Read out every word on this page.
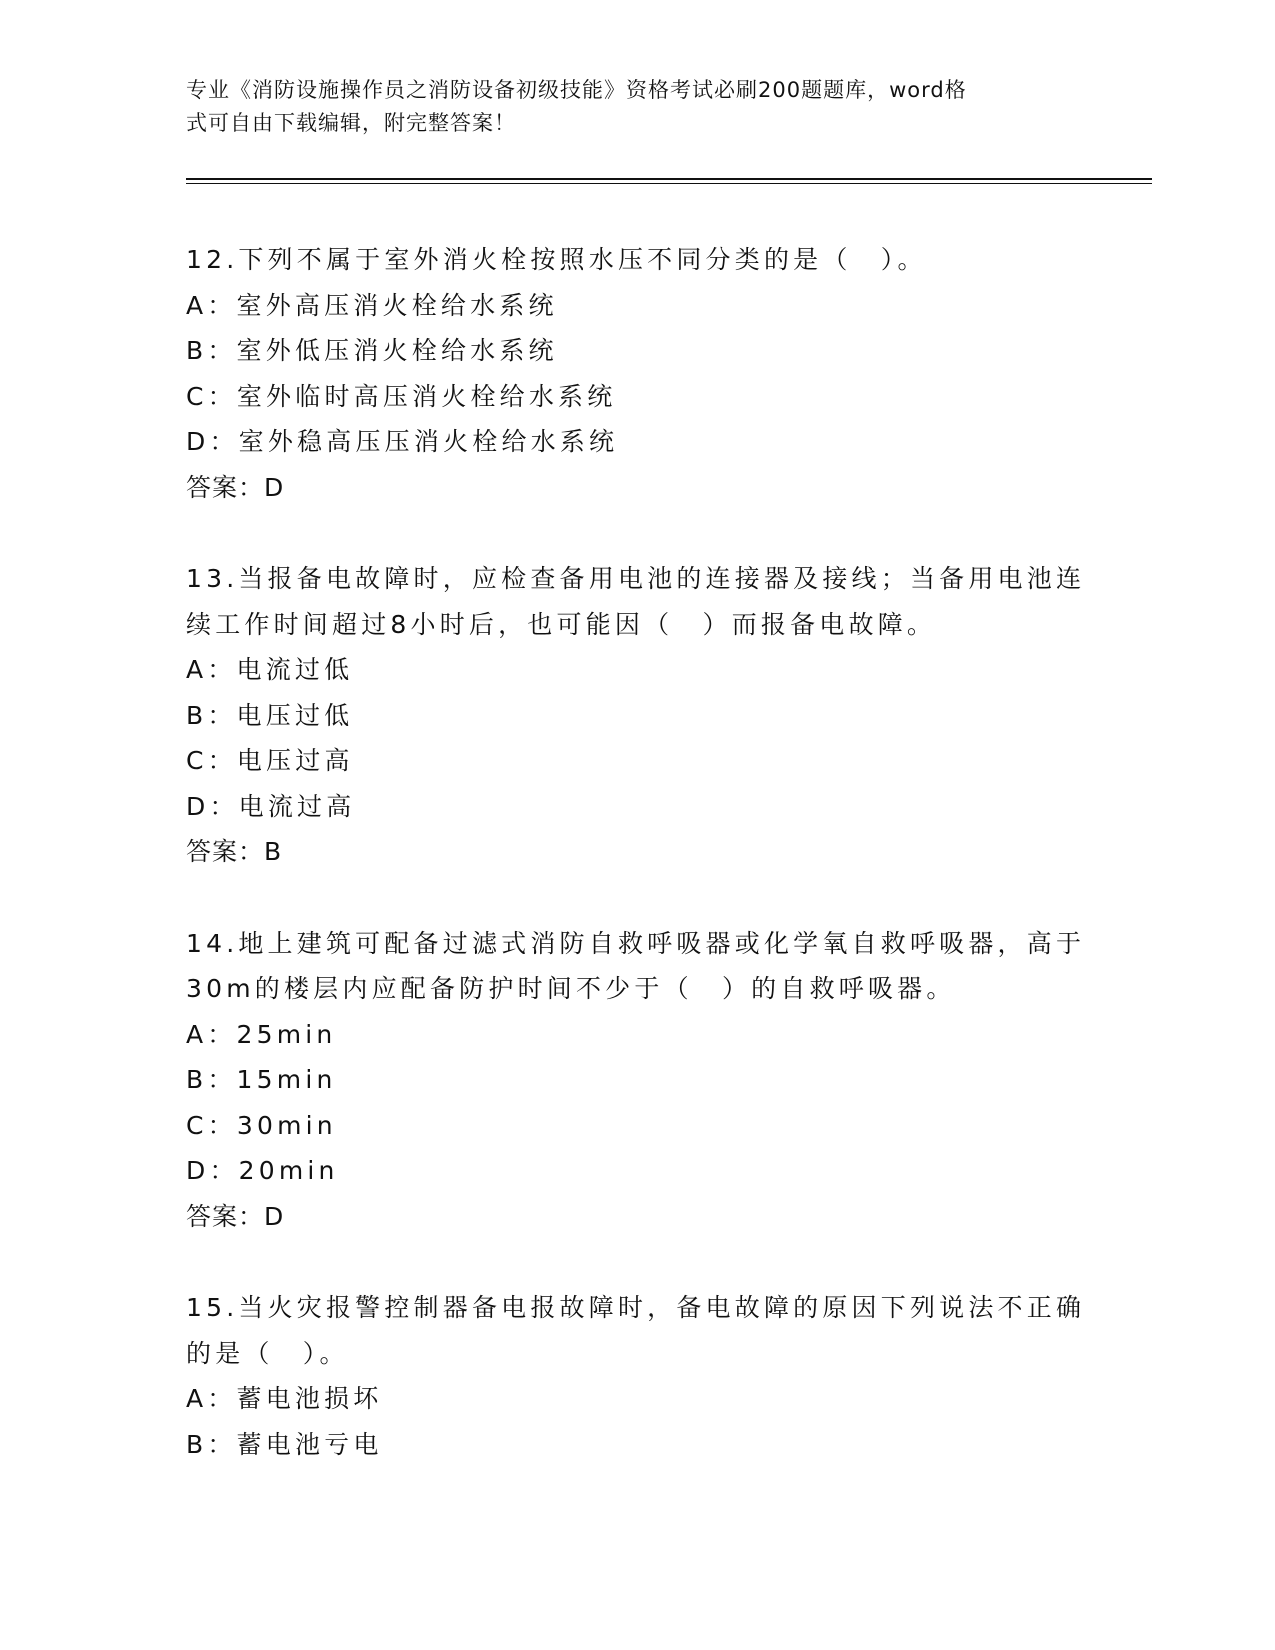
专业《消防设施操作员之消防设备初级技能》资格考试必刷200题题库，word格
式可自由下载编辑，附完整答案！
12.下列不属于室外消火栓按照水压不同分类的是（　）。
A：室外高压消火栓给水系统
B：室外低压消火栓给水系统
C：室外临时高压消火栓给水系统
D：室外稳高压压消火栓给水系统
答案：D
13.当报备电故障时，应检查备用电池的连接器及接线；当备用电池连
续工作时间超过8小时后，也可能因（　）而报备电故障。
A：电流过低
B：电压过低
C：电压过高
D：电流过高
答案：B
14.地上建筑可配备过滤式消防自救呼吸器或化学氧自救呼吸器，高于
30m的楼层内应配备防护时间不少于（　）的自救呼吸器。
A：25min
B：15min
C：30min
D：20min
答案：D
15.当火灾报警控制器备电报故障时，备电故障的原因下列说法不正确
的是（　）。
A：蓄电池损坏
B：蓄电池亏电
